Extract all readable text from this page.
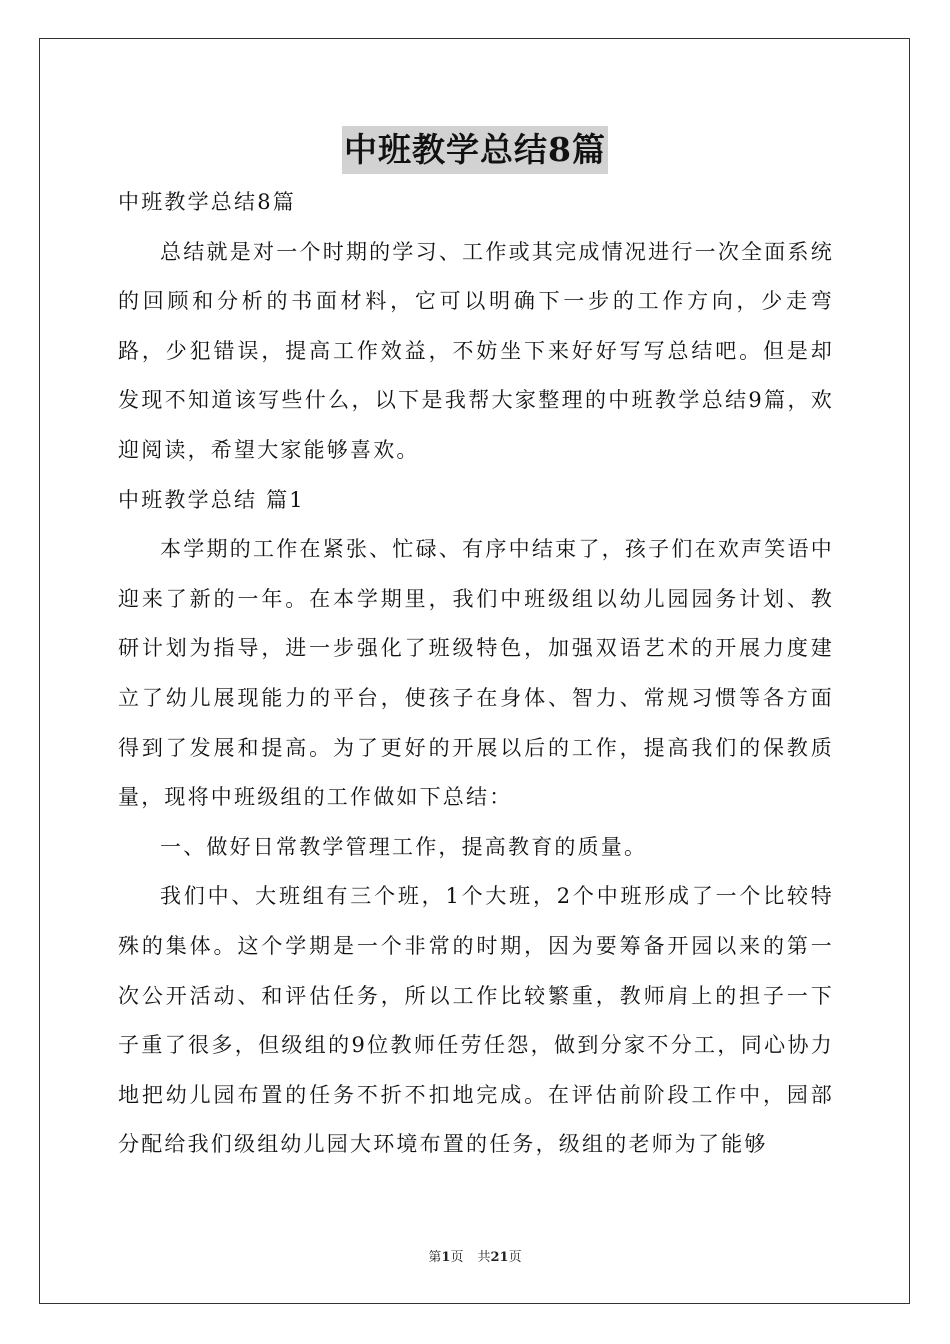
中班教学总结8篇

中班教学总结8篇

总结就是对一个时期的学习、工作或其完成情况进行一次全面系统的回顾和分析的书面材料，它可以明确下一步的工作方向，少走弯路，少犯错误，提高工作效益，不妨坐下来好好写写总结吧。但是却发现不知道该写些什么，以下是我帮大家整理的中班教学总结9篇，欢迎阅读，希望大家能够喜欢。

中班教学总结 篇1

本学期的工作在紧张、忙碌、有序中结束了，孩子们在欢声笑语中迎来了新的一年。在本学期里，我们中班级组以幼儿园园务计划、教研计划为指导，进一步强化了班级特色，加强双语艺术的开展力度建立了幼儿展现能力的平台，使孩子在身体、智力、常规习惯等各方面得到了发展和提高。为了更好的开展以后的工作，提高我们的保教质量，现将中班级组的工作做如下总结：

一、做好日常教学管理工作，提高教育的质量。

我们中、大班组有三个班，1个大班，2个中班形成了一个比较特殊的集体。这个学期是一个非常的时期，因为要筹备开园以来的第一次公开活动、和评估任务，所以工作比较繁重，教师肩上的担子一下子重了很多，但级组的9位教师任劳任怨，做到分家不分工，同心协力地把幼儿园布置的任务不折不扣地完成。在评估前阶段工作中，园部分配给我们级组幼儿园大环境布置的任务，级组的老师为了能够

第1页 共21页
